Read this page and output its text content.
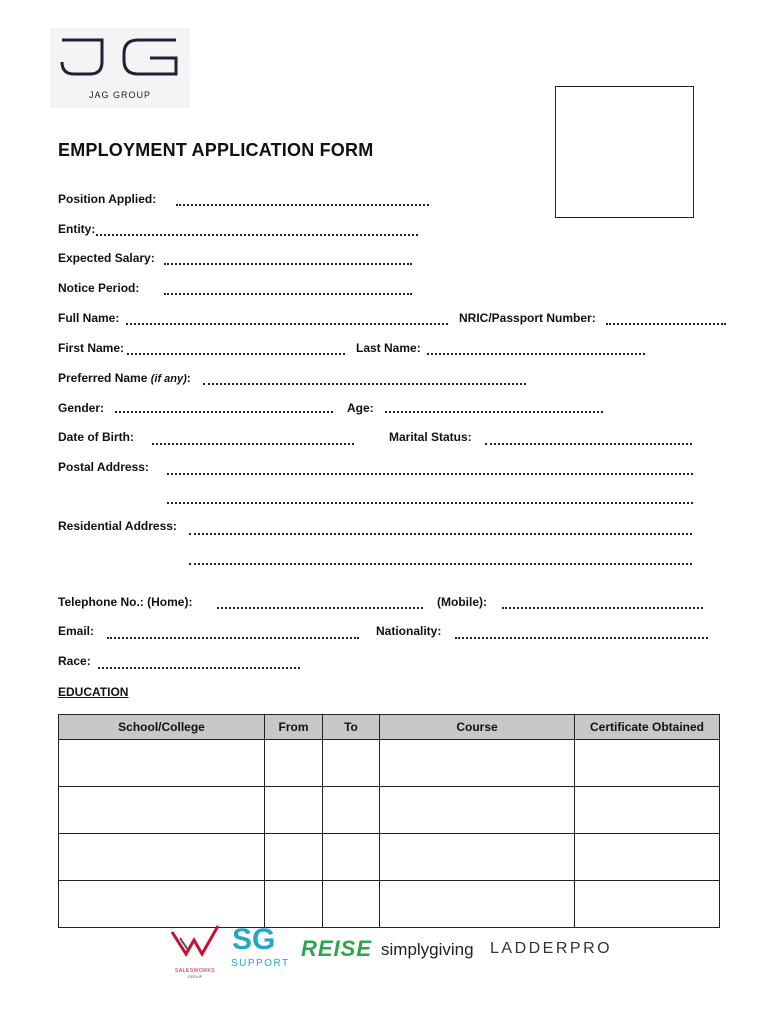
JAG GROUP
EMPLOYMENT APPLICATION FORM
Position Applied:
Entity:
Expected Salary:
Notice Period:
Full Name:	NRIC/Passport Number:
First Name:	Last Name:
Preferred Name (if any):
Gender:	Age:
Date of Birth:	Marital Status:
Postal Address:
Residential Address:
Telephone No.: (Home):	(Mobile):
Email:	Nationality:
Race:
EDUCATION
School/College	From	To	Course	Certificate Obtained

SALESWORKS
GROUP
SG
SUPPORT
REISE simplygiving LADDERPRO
